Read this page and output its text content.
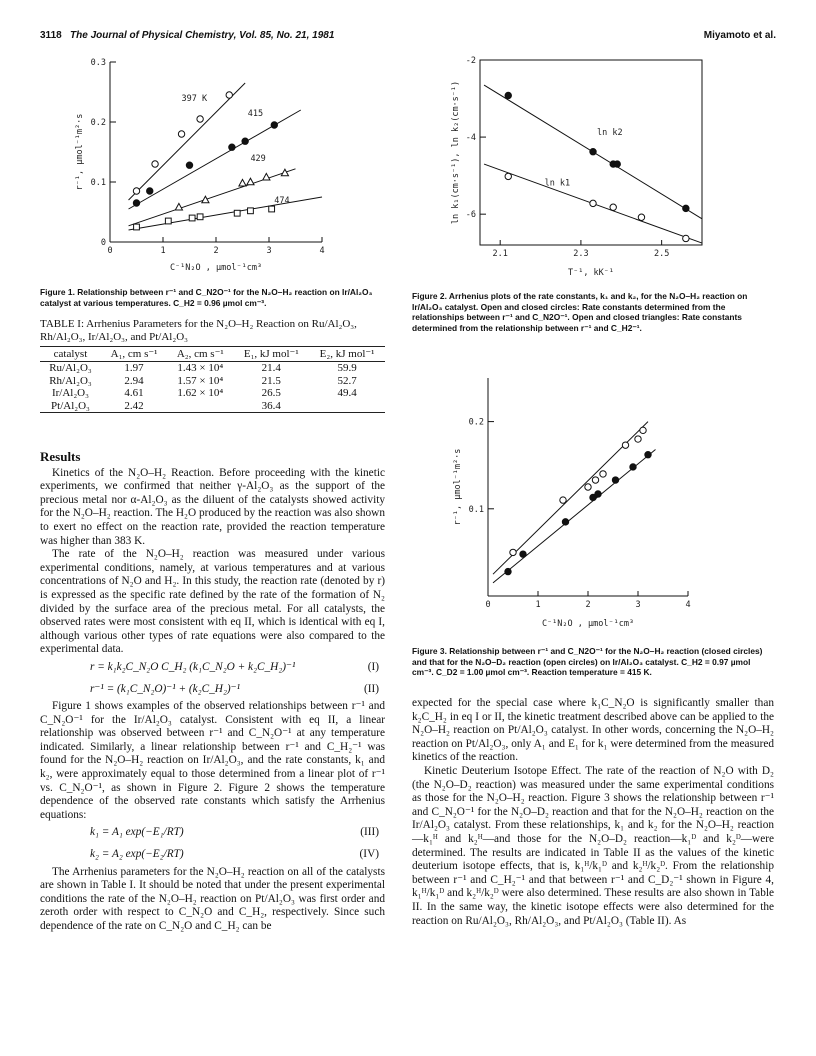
3118 The Journal of Physical Chemistry, Vol. 85, No. 21, 1981	Miyamoto et al.
0	1	2	3	4
0
0.1
0.2
0.3
397 K
415
429
474
C⁻¹N₂O , µmol⁻¹cm³
r⁻¹, µmol⁻¹m²·s
Figure 1. Relationship between r⁻¹ and C_N2O⁻¹ for the N₂O–H₂ reaction on Ir/Al₂O₃ catalyst at various temperatures. C_H2 = 0.96 µmol cm⁻³.
TABLE I: Arrhenius Parameters for the N₂O–H₂ Reaction on Ru/Al₂O₃, Rh/Al₂O₃, Ir/Al₂O₃, and Pt/Al₂O₃
catalyst	A₁, cm s⁻¹	A₂, cm s⁻¹	E₁, kJ mol⁻¹	E₂, kJ mol⁻¹
Ru/Al₂O₃	1.97	1.43 × 10⁴	21.4	59.9
Rh/Al₂O₃	2.94	1.57 × 10⁴	21.5	52.7
Ir/Al₂O₃	4.61	1.62 × 10⁴	26.5	49.4
Pt/Al₂O₃	2.42		36.4	
Results

Kinetics of the N₂O–H₂ Reaction. Before proceeding with the kinetic experiments, we confirmed that neither γ-Al₂O₃ as the support of the precious metal nor α-Al₂O₃ as the diluent of the catalysts showed activity for the N₂O–H₂ reaction. The H₂O produced by the reaction was also shown to exert no effect on the reaction rate, provided the reaction temperature was higher than 383 K.

The rate of the N₂O–H₂ reaction was measured under various experimental conditions, namely, at various temperatures and at various concentrations of N₂O and H₂. In this study, the reaction rate (denoted by r) is expressed as the specific rate defined by the rate of the formation of N₂ divided by the surface area of the precious metal. For all catalysts, the observed rates were most consistent with eq II, which is identical with eq I, although various other types of rate equations were also compared to the experimental data.

r = k₁k₂C_N₂O C_H₂ (k₁C_N₂O + k₂C_H₂)⁻¹	(I)
r⁻¹ = (k₁C_N₂O)⁻¹ + (k₂C_H₂)⁻¹	(II)

Figure 1 shows examples of the observed relationships between r⁻¹ and C_N₂O⁻¹ for the Ir/Al₂O₃ catalyst. Consistent with eq II, a linear relationship was observed between r⁻¹ and C_N₂O⁻¹ at any temperature indicated. Similarly, a linear relationship between r⁻¹ and C_H₂⁻¹ was found for the N₂O–H₂ reaction on Ir/Al₂O₃, and the rate constants, k₁ and k₂, were approximately equal to those determined from a linear plot of r⁻¹ vs. C_N₂O⁻¹, as shown in Figure 2. Figure 2 shows the temperature dependence of the observed rate constants which satisfy the Arrhenius equations:

k₁ = A₁ exp(−E₁/RT)	(III)
k₂ = A₂ exp(−E₂/RT)	(IV)

The Arrhenius parameters for the N₂O–H₂ reaction on all of the catalysts are shown in Table I. It should be noted that under the present experimental conditions the rate of the N₂O–H₂ reaction on Pt/Al₂O₃ was first order and zeroth order with respect to C_N₂O and C_H₂, respectively. Since such dependence of the rate on C_N₂O and C_H₂ can be

2.1	2.3	2.5
-2
-4
-6
ln k2
ln k1
T⁻¹, kK⁻¹
ln k₁(cm·s⁻¹), ln k₂(cm·s⁻¹)
Figure 2. Arrhenius plots of the rate constants, k₁ and k₂, for the N₂O–H₂ reaction on Ir/Al₂O₃ catalyst. Open and closed circles: Rate constants determined from the relationships between r⁻¹ and C_N2O⁻¹. Open and closed triangles: Rate constants determined from the relationship between r⁻¹ and C_H2⁻¹.
0	1	2	3	4
0.1
0.2
C⁻¹N₂O , µmol⁻¹cm³
r⁻¹, µmol⁻¹m²·s
Figure 3. Relationship between r⁻¹ and C_N2O⁻¹ for the N₂O–H₂ reaction (closed circles) and that for the N₂O–D₂ reaction (open circles) on Ir/Al₂O₃ catalyst. C_H2 = 0.97 µmol cm⁻³. C_D2 = 1.00 µmol cm⁻³. Reaction temperature = 415 K.

expected for the special case where k₁C_N₂O is significantly smaller than k₂C_H₂ in eq I or II, the kinetic treatment described above can be applied to the N₂O–H₂ reaction on Pt/Al₂O₃ catalyst. In other words, concerning the N₂O–H₂ reaction on Pt/Al₂O₃, only A₁ and E₁ for k₁ were determined from the measured kinetics of the reaction.

Kinetic Deuterium Isotope Effect. The rate of the reaction of N₂O with D₂ (the N₂O–D₂ reaction) was measured under the same experimental conditions as those for the N₂O–H₂ reaction. Figure 3 shows the relationship between r⁻¹ and C_N₂O⁻¹ for the N₂O–D₂ reaction and that for the N₂O–H₂ reaction on the Ir/Al₂O₃ catalyst. From these relationships, k₁ and k₂ for the N₂O–H₂ reaction—k₁ᴴ and k₂ᴴ—and those for the N₂O–D₂ reaction—k₁ᴰ and k₂ᴰ—were determined. The results are indicated in Table II as the values of the kinetic deuterium isotope effects, that is, k₁ᴴ/k₁ᴰ and k₂ᴴ/k₂ᴰ. From the relationship between r⁻¹ and C_H₂⁻¹ and that between r⁻¹ and C_D₂⁻¹ shown in Figure 4, k₁ᴴ/k₁ᴰ and k₂ᴴ/k₂ᴰ were also determined. These results are also shown in Table II. In the same way, the kinetic isotope effects were also determined for the reaction on Ru/Al₂O₃, Rh/Al₂O₃, and Pt/Al₂O₃ (Table II). As
